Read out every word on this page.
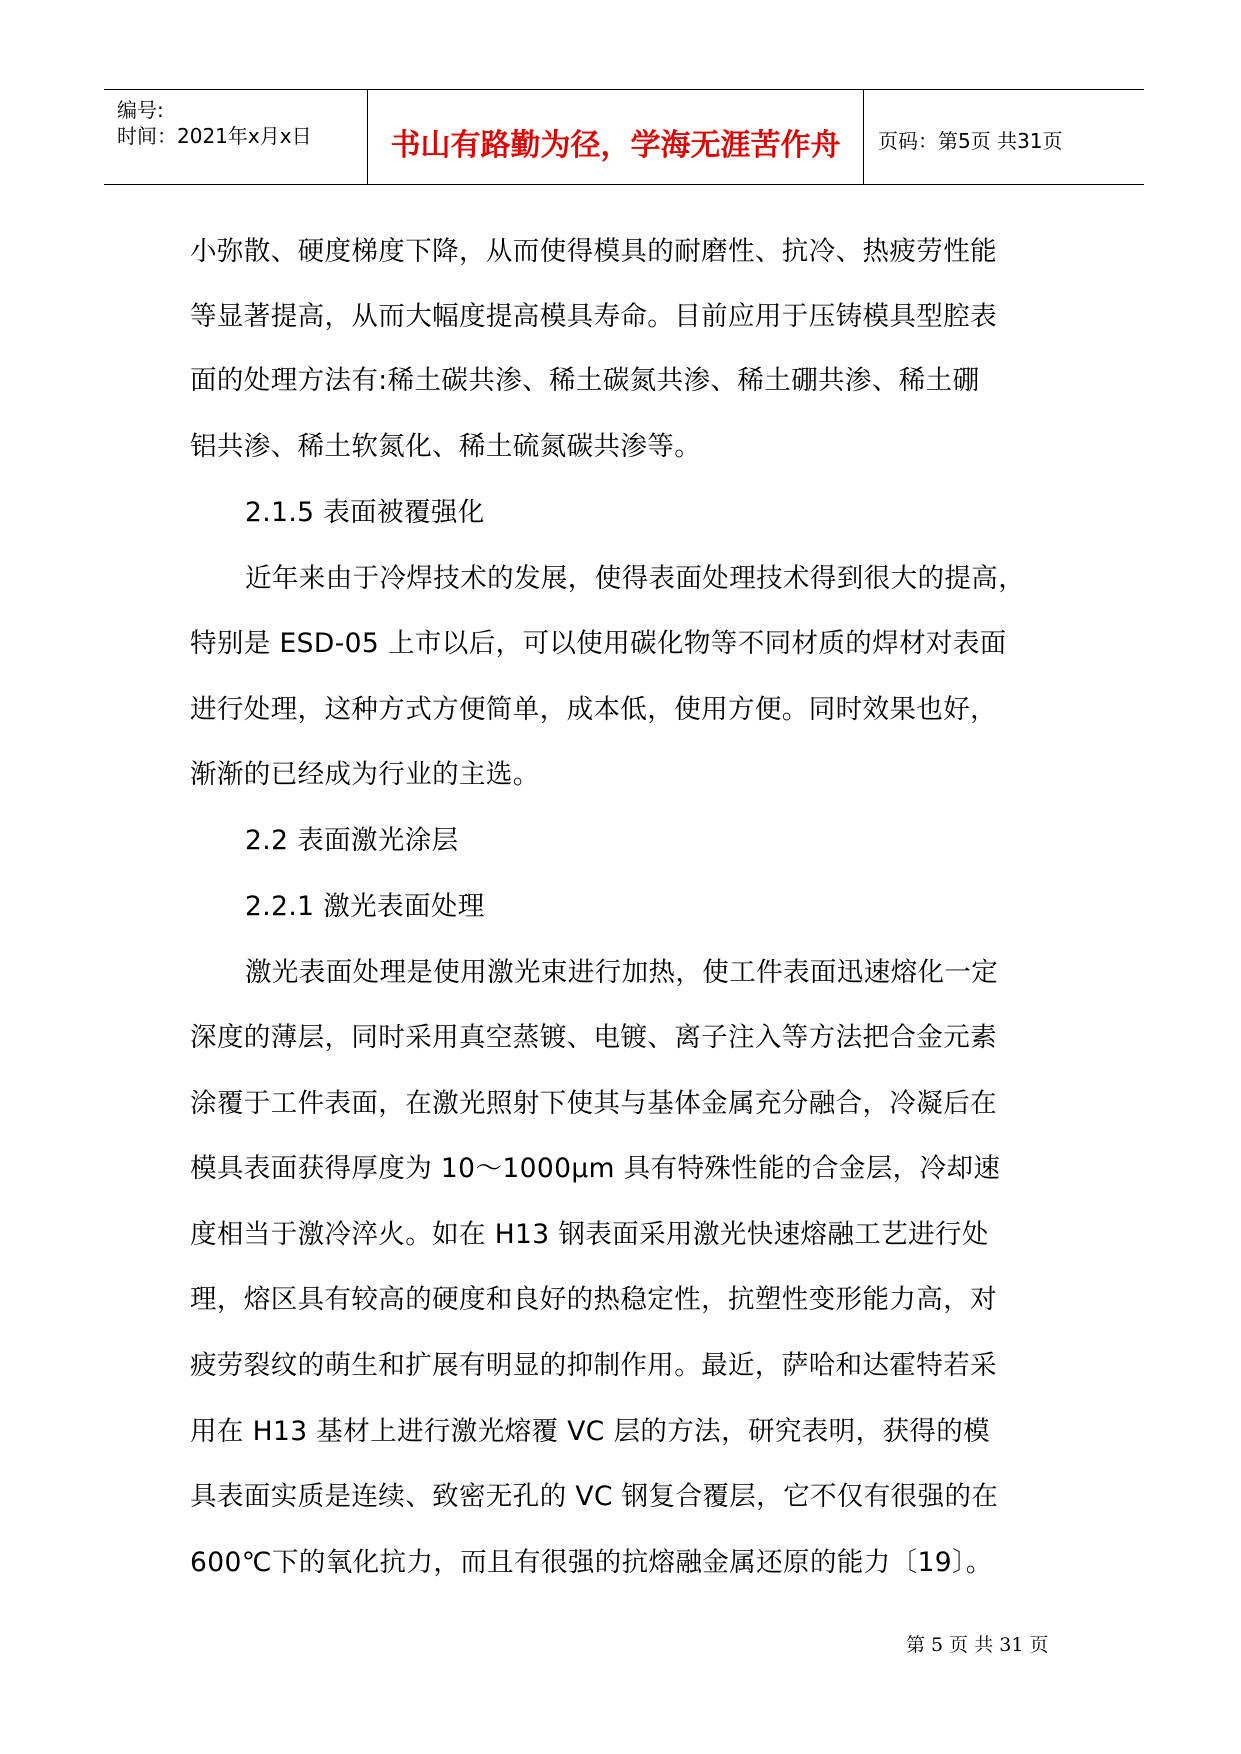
编号:
时间：2021年x月x日	书山有路勤为径，学海无涯苦作舟	页码：第5页 共31页
小弥散、硬度梯度下降，从而使得模具的耐磨性、抗冷、热疲劳性能
等显著提高，从而大幅度提高模具寿命。目前应用于压铸模具型腔表
面的处理方法有:稀土碳共渗、稀土碳氮共渗、稀土硼共渗、稀土硼
铝共渗、稀土软氮化、稀土硫氮碳共渗等。
2.1.5 表面被覆强化
近年来由于冷焊技术的发展，使得表面处理技术得到很大的提高，
特别是 ESD-05 上市以后，可以使用碳化物等不同材质的焊材对表面
进行处理，这种方式方便简单，成本低，使用方便。同时效果也好，
渐渐的已经成为行业的主选。
2.2 表面激光涂层
2.2.1 激光表面处理
激光表面处理是使用激光束进行加热，使工件表面迅速熔化一定
深度的薄层，同时采用真空蒸镀、电镀、离子注入等方法把合金元素
涂覆于工件表面，在激光照射下使其与基体金属充分融合，冷凝后在
模具表面获得厚度为 10～1000μm 具有特殊性能的合金层，冷却速
度相当于激冷淬火。如在 H13 钢表面采用激光快速熔融工艺进行处
理，熔区具有较高的硬度和良好的热稳定性，抗塑性变形能力高，对
疲劳裂纹的萌生和扩展有明显的抑制作用。最近，萨哈和达霍特若采
用在 H13 基材上进行激光熔覆 VC 层的方法，研究表明，获得的模
具表面实质是连续、致密无孔的 VC 钢复合覆层，它不仅有很强的在
600℃下的氧化抗力，而且有很强的抗熔融金属还原的能力〔19〕。
第 5 页 共 31 页
